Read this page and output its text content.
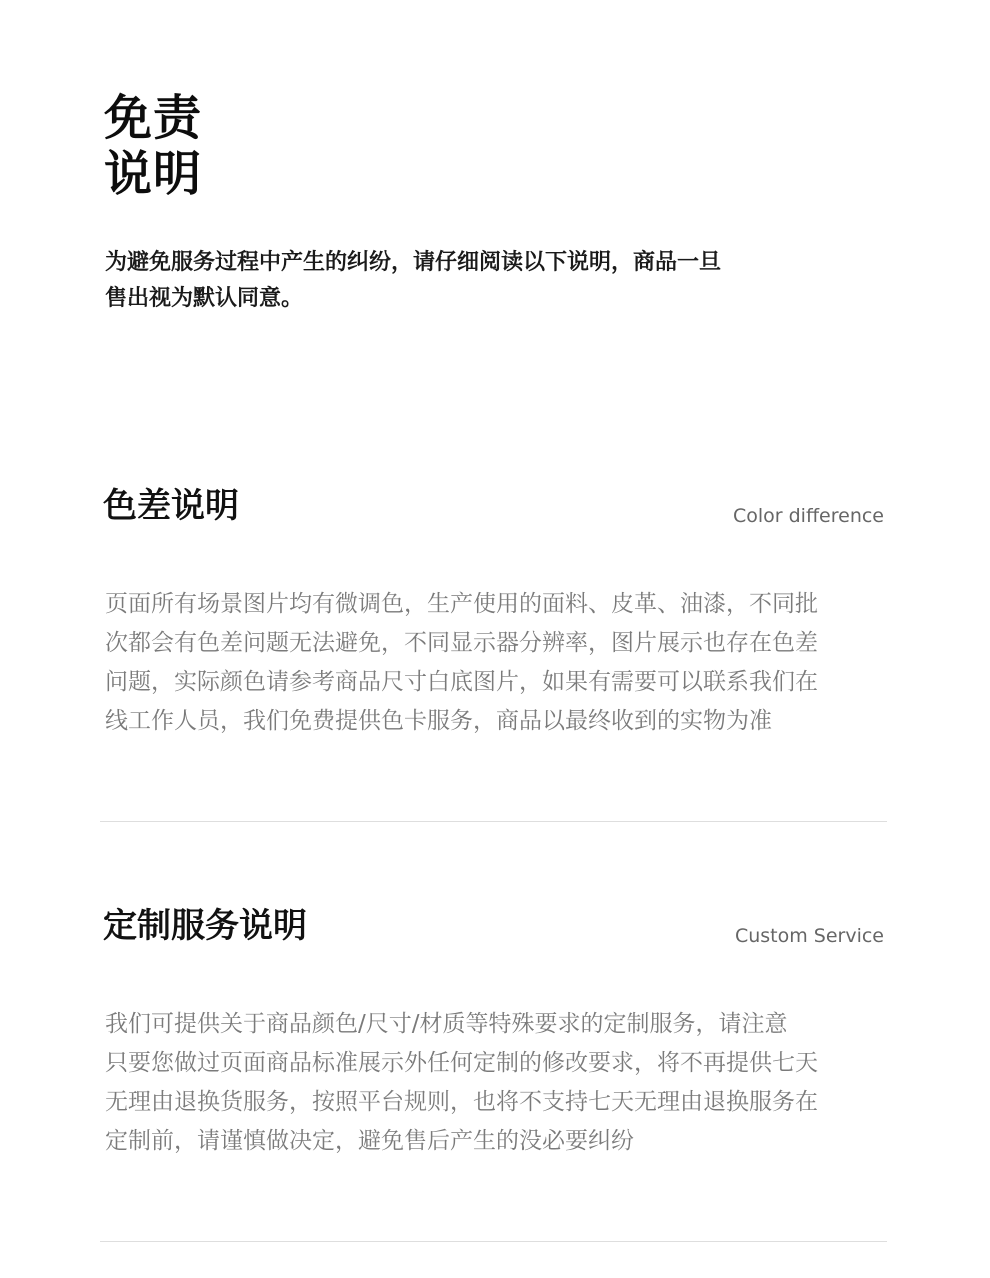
免责
说明
为避免服务过程中产生的纠纷，请仔细阅读以下说明，商品一旦
售出视为默认同意。
色差说明	Color difference
页面所有场景图片均有微调色，生产使用的面料、皮革、油漆，不同批
次都会有色差问题无法避免，不同显示器分辨率，图片展示也存在色差
问题，实际颜色请参考商品尺寸白底图片，如果有需要可以联系我们在
线工作人员，我们免费提供色卡服务，商品以最终收到的实物为准
定制服务说明	Custom Service
我们可提供关于商品颜色/尺寸/材质等特殊要求的定制服务，请注意
只要您做过页面商品标准展示外任何定制的修改要求，将不再提供七天
无理由退换货服务，按照平台规则，也将不支持七天无理由退换服务在
定制前，请谨慎做决定，避免售后产生的没必要纠纷
